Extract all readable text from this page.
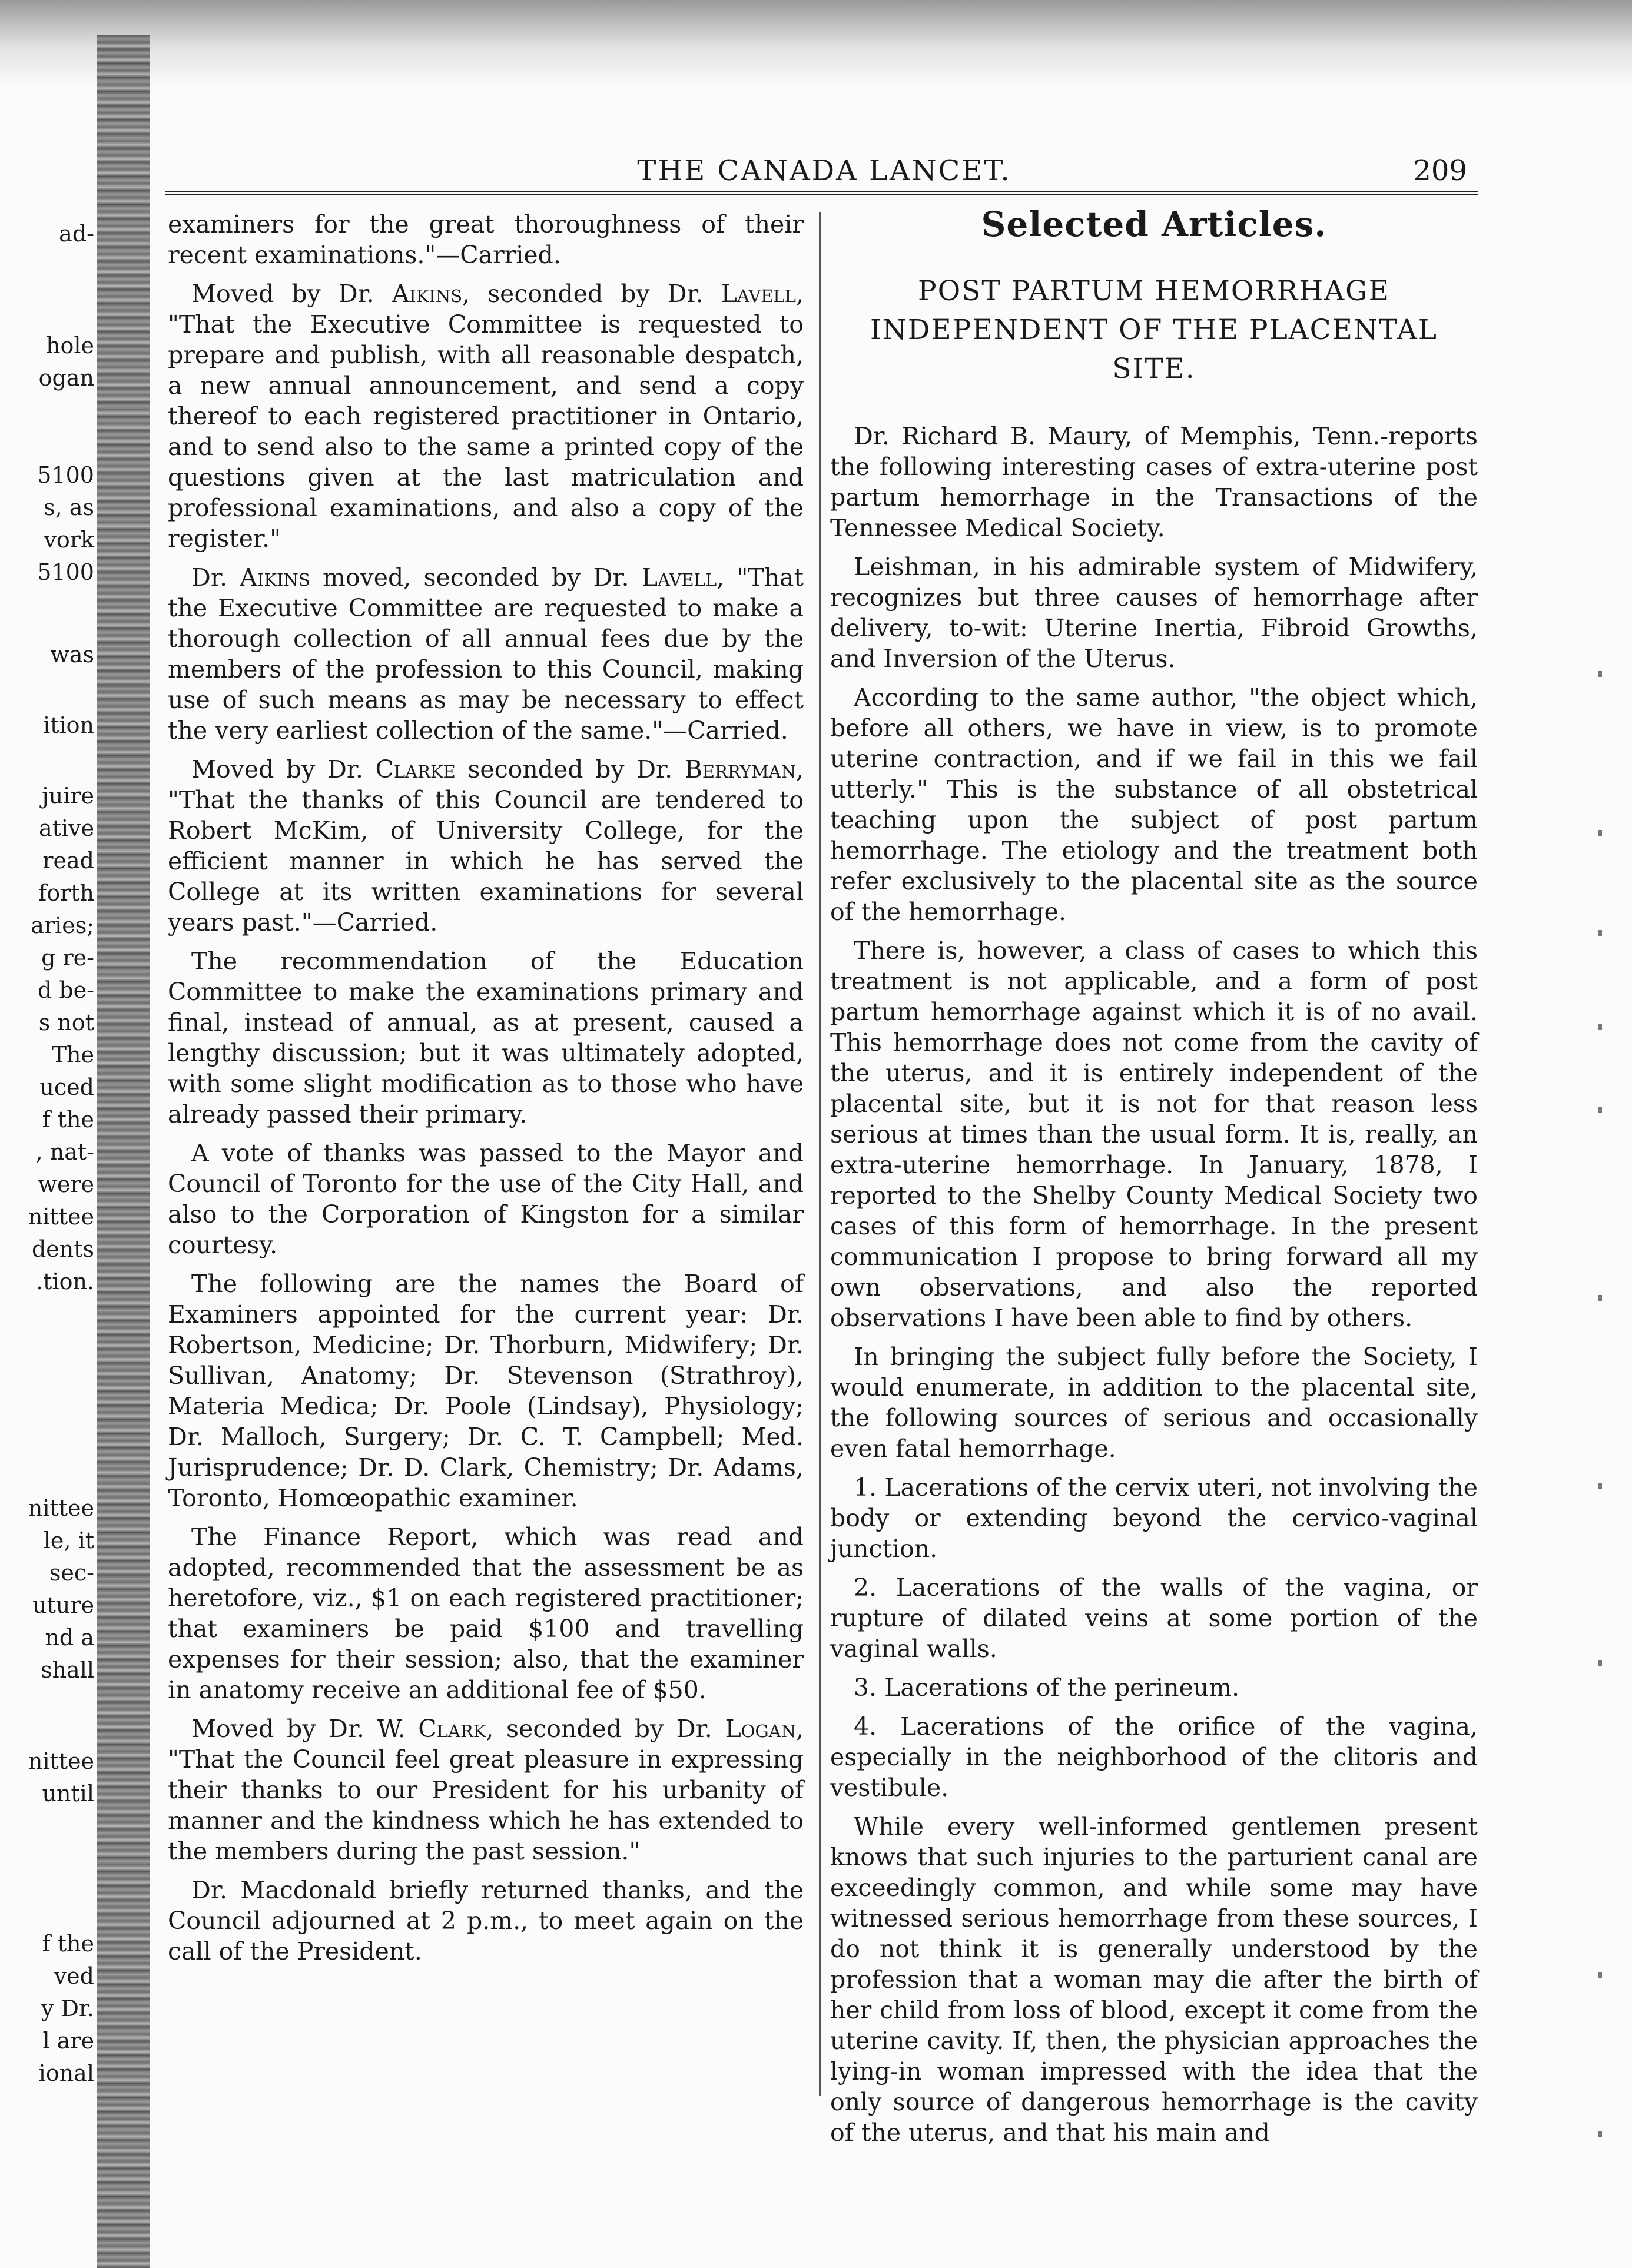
THE CANADA LANCET.	209
ad-
hole
ogan
5100
s, as
vork
5100
was
ition
juire
ative
read
forth
aries;
g re-
d be-
s not
The
uced
f the
, nat-
were
nittee
dents
.tion.
nittee
le, it
sec-
uture
nd a
shall
nittee
until
f the
ved
y Dr.
l are
ional

examiners for the great thoroughness of their recent examinations."—Carried.

Moved by Dr. Aikins, seconded by Dr. Lavell, "That the Executive Committee is requested to prepare and publish, with all reasonable despatch, a new annual announcement, and send a copy thereof to each registered practitioner in Ontario, and to send also to the same a printed copy of the questions given at the last matriculation and professional examinations, and also a copy of the register."

Dr. Aikins moved, seconded by Dr. Lavell, "That the Executive Committee are requested to make a thorough collection of all annual fees due by the members of the profession to this Council, making use of such means as may be necessary to effect the very earliest collection of the same."—Carried.

Moved by Dr. Clarke seconded by Dr. Berryman, "That the thanks of this Council are tendered to Robert McKim, of University College, for the efficient manner in which he has served the College at its written examinations for several years past."—Carried.

The recommendation of the Education Committee to make the examinations primary and final, instead of annual, as at present, caused a lengthy discussion; but it was ultimately adopted, with some slight modification as to those who have already passed their primary.

A vote of thanks was passed to the Mayor and Council of Toronto for the use of the City Hall, and also to the Corporation of Kingston for a similar courtesy.

The following are the names the Board of Examiners appointed for the current year: Dr. Robertson, Medicine; Dr. Thorburn, Midwifery; Dr. Sullivan, Anatomy; Dr. Stevenson (Strathroy), Materia Medica; Dr. Poole (Lindsay), Physiology; Dr. Malloch, Surgery; Dr. C. T. Campbell; Med. Jurisprudence; Dr. D. Clark, Chemistry; Dr. Adams, Toronto, Homœopathic examiner.

The Finance Report, which was read and adopted, recommended that the assessment be as heretofore, viz., $1 on each registered practitioner; that examiners be paid $100 and travelling expenses for their session; also, that the examiner in anatomy receive an additional fee of $50.

Moved by Dr. W. Clark, seconded by Dr. Logan, "That the Council feel great pleasure in expressing their thanks to our President for his urbanity of manner and the kindness which he has extended to the members during the past session."

Dr. Macdonald briefly returned thanks, and the Council adjourned at 2 p.m., to meet again on the call of the President.

Selected Articles.
POST PARTUM HEMORRHAGE INDEPENDENT OF THE PLACENTAL SITE.

Dr. Richard B. Maury, of Memphis, Tenn.-reports the following interesting cases of extra-uterine post partum hemorrhage in the Transactions of the Tennessee Medical Society.

Leishman, in his admirable system of Midwifery, recognizes but three causes of hemorrhage after delivery, to-wit: Uterine Inertia, Fibroid Growths, and Inversion of the Uterus.

According to the same author, "the object which, before all others, we have in view, is to promote uterine contraction, and if we fail in this we fail utterly." This is the substance of all obstetrical teaching upon the subject of post partum hemorrhage. The etiology and the treatment both refer exclusively to the placental site as the source of the hemorrhage.

There is, however, a class of cases to which this treatment is not applicable, and a form of post partum hemorrhage against which it is of no avail. This hemorrhage does not come from the cavity of the uterus, and it is entirely independent of the placental site, but it is not for that reason less serious at times than the usual form. It is, really, an extra-uterine hemorrhage. In January, 1878, I reported to the Shelby County Medical Society two cases of this form of hemorrhage. In the present communication I propose to bring forward all my own observations, and also the reported observations I have been able to find by others.

In bringing the subject fully before the Society, I would enumerate, in addition to the placental site, the following sources of serious and occasionally even fatal hemorrhage.

1. Lacerations of the cervix uteri, not involving the body or extending beyond the cervico-vaginal junction.

2. Lacerations of the walls of the vagina, or rupture of dilated veins at some portion of the vaginal walls.

3. Lacerations of the perineum.

4. Lacerations of the orifice of the vagina, especially in the neighborhood of the clitoris and vestibule.

While every well-informed gentlemen present knows that such injuries to the parturient canal are exceedingly common, and while some may have witnessed serious hemorrhage from these sources, I do not think it is generally understood by the profession that a woman may die after the birth of her child from loss of blood, except it come from the uterine cavity. If, then, the physician approaches the lying-in woman impressed with the idea that the only source of dangerous hemorrhage is the cavity of the uterus, and that his main and
